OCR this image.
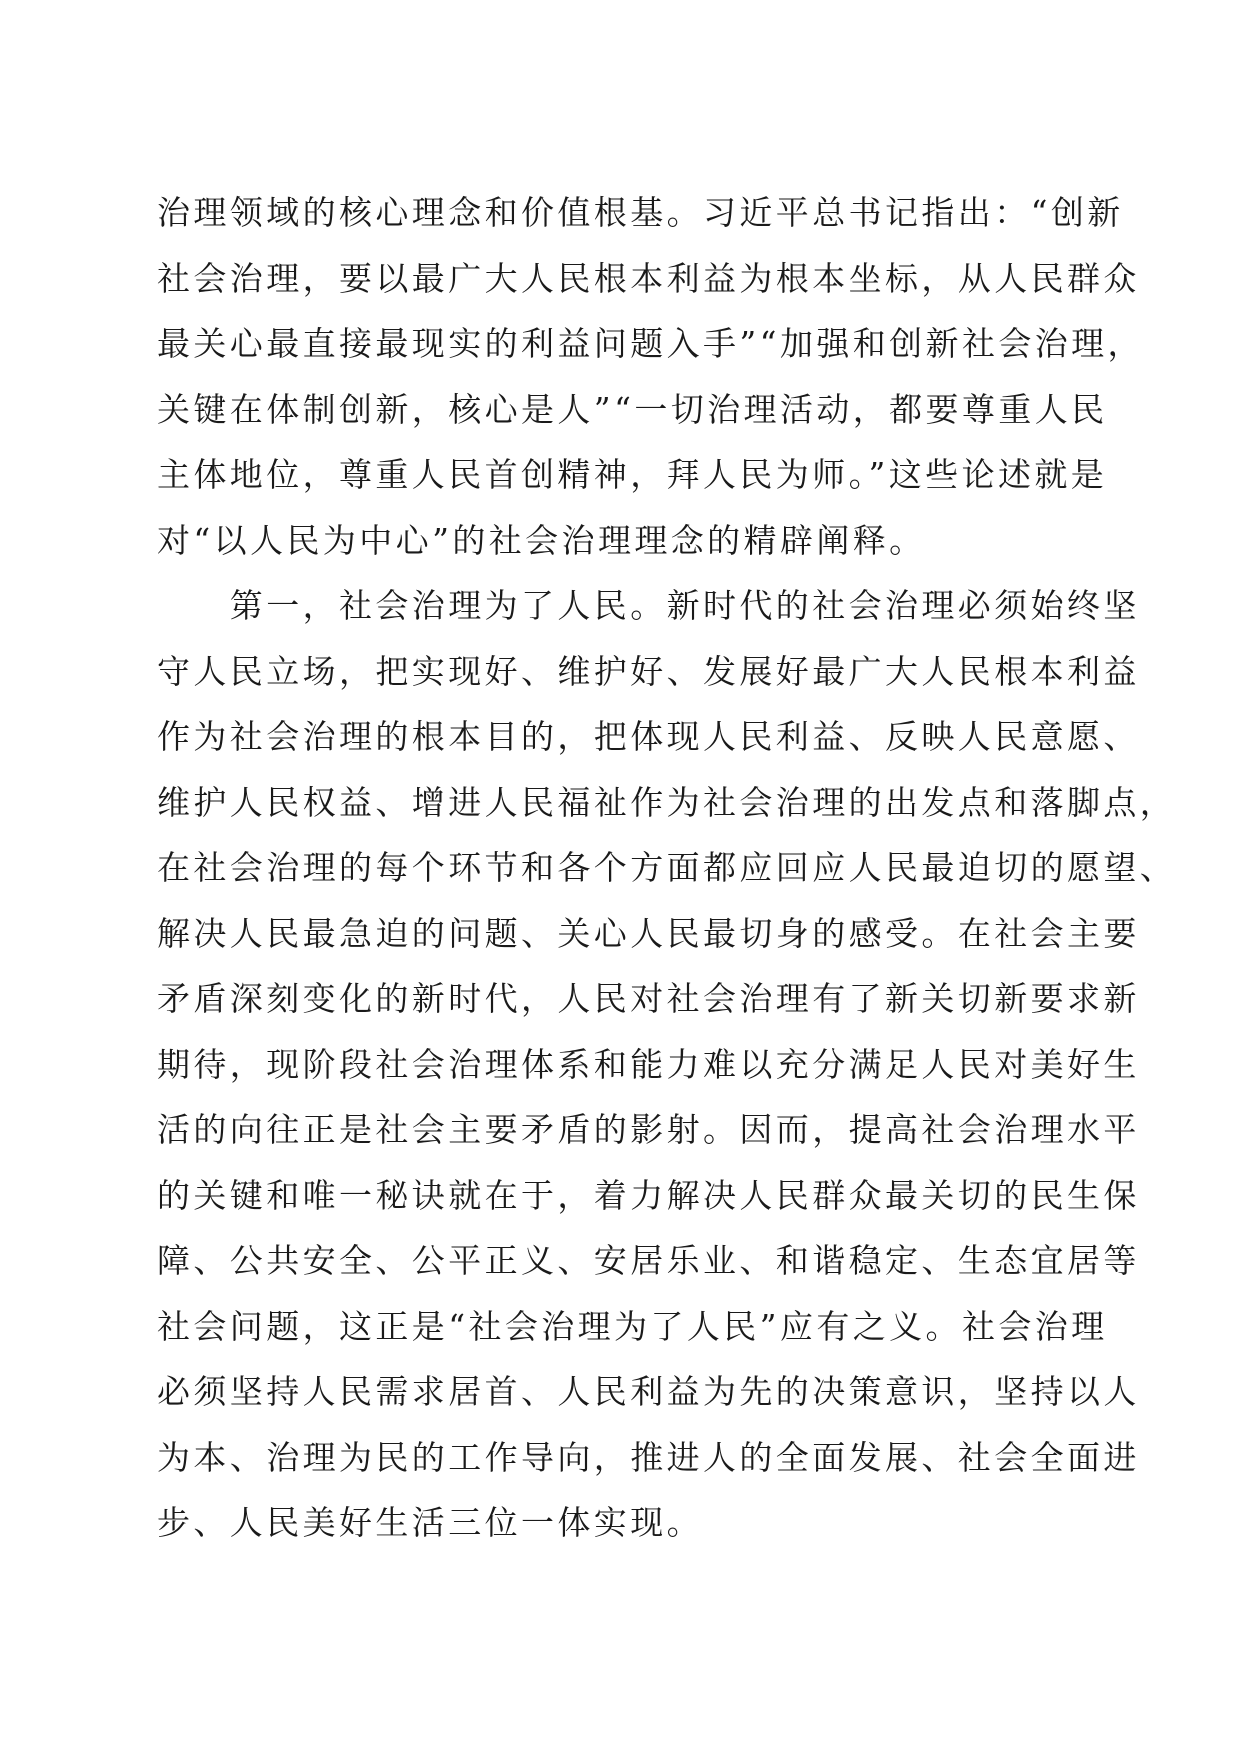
治理领域的核心理念和价值根基。习近平总书记指出：“创新
社会治理，要以最广大人民根本利益为根本坐标，从人民群众
最关心最直接最现实的利益问题入手”“加强和创新社会治理，
关键在体制创新，核心是人”“一切治理活动，都要尊重人民
主体地位，尊重人民首创精神，拜人民为师。”这些论述就是
对“以人民为中心”的社会治理理念的精辟阐释。
　　第一，社会治理为了人民。新时代的社会治理必须始终坚
守人民立场，把实现好、维护好、发展好最广大人民根本利益
作为社会治理的根本目的，把体现人民利益、反映人民意愿、
维护人民权益、增进人民福祉作为社会治理的出发点和落脚点，
在社会治理的每个环节和各个方面都应回应人民最迫切的愿望、
解决人民最急迫的问题、关心人民最切身的感受。在社会主要
矛盾深刻变化的新时代，人民对社会治理有了新关切新要求新
期待，现阶段社会治理体系和能力难以充分满足人民对美好生
活的向往正是社会主要矛盾的影射。因而，提高社会治理水平
的关键和唯一秘诀就在于，着力解决人民群众最关切的民生保
障、公共安全、公平正义、安居乐业、和谐稳定、生态宜居等
社会问题，这正是“社会治理为了人民”应有之义。社会治理
必须坚持人民需求居首、人民利益为先的决策意识，坚持以人
为本、治理为民的工作导向，推进人的全面发展、社会全面进
步、人民美好生活三位一体实现。
